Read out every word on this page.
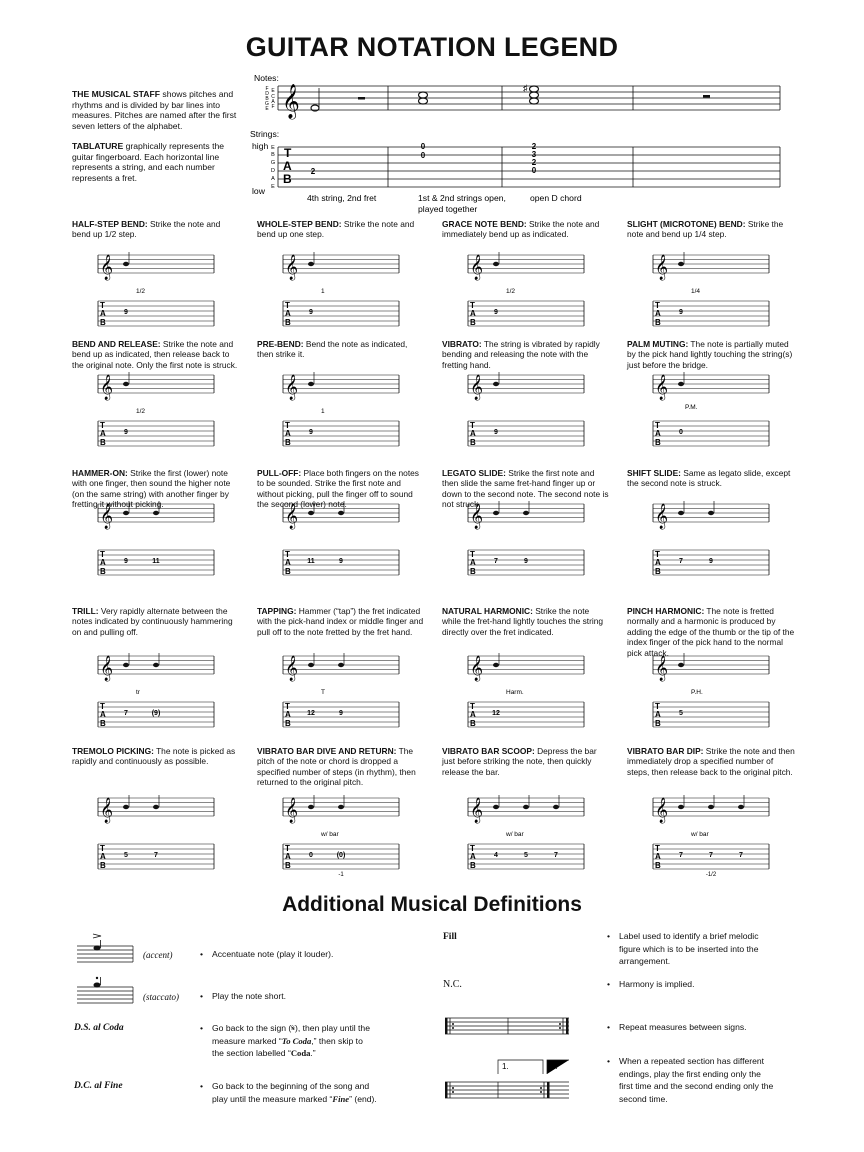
GUITAR NOTATION LEGEND
THE MUSICAL STAFF shows pitches and rhythms and is divided by bar lines into measures. Pitches are named after the first seven letters of the alphabet.
TABLATURE graphically represents the guitar fingerboard. Each horizontal line represents a string, and each number represents a fret.
Notes:
F E
D C
B A
G F
E 𝄞	♯
Strings:
high
low
E
B
G
D
A
E
T A B
2
0
0
2
3
2
0
4th string, 2nd fret	1st & 2nd strings open,
played together
open D chord
HALF-STEP BEND: Strike the note and bend up 1/2 step.
𝄞
T A B
9
1/2
WHOLE-STEP BEND: Strike the note and bend up one step.
𝄞
T A B
9
1
GRACE NOTE BEND: Strike the note and immediately bend up as indicated.
𝄞
T A B
9
1/2
SLIGHT (MICROTONE) BEND: Strike the note and bend up 1/4 step.
𝄞
T A B
9
1/4
BEND AND RELEASE: Strike the note and bend up as indicated, then release back to the original note. Only the first note is struck.
𝄞
T A B
9
1/2
PRE-BEND: Bend the note as indicated, then strike it.
𝄞
T A B
9
1
VIBRATO: The string is vibrated by rapidly bending and releasing the note with the fretting hand.
𝄞
T A B
9
PALM MUTING: The note is partially muted by the pick hand lightly touching the string(s) just before the bridge.
𝄞
T A B
0
P.M.
HAMMER-ON: Strike the first (lower) note with one finger, then sound the higher note (on the same string) with another finger by fretting it without picking.
𝄞
T A B
9	11
PULL-OFF: Place both fingers on the notes to be sounded. Strike the first note and without picking, pull the finger off to sound the second (lower) note.
𝄞
T A B
11	9
LEGATO SLIDE: Strike the first note and then slide the same fret-hand finger up or down to the second note. The second note is not struck.
𝄞
T A B
7	9
SHIFT SLIDE: Same as legato slide, except the second note is struck.
𝄞
T A B
7	9
TRILL: Very rapidly alternate between the notes indicated by continuously hammering on and pulling off.
𝄞
T A B
7	(9)
tr
TAPPING: Hammer (“tap”) the fret indicated with the pick-hand index or middle finger and pull off to the note fretted by the fret hand.
𝄞
T A B
12	9
T
NATURAL HARMONIC: Strike the note while the fret-hand lightly touches the string directly over the fret indicated.
𝄞
T A B
12
Harm.
PINCH HARMONIC: The note is fretted normally and a harmonic is produced by adding the edge of the thumb or the tip of the index finger of the pick hand to the normal pick attack.
𝄞
T A B
5
P.H.
TREMOLO PICKING: The note is picked as rapidly and continuously as possible.
𝄞
T A B
5	7
VIBRATO BAR DIVE AND RETURN: The pitch of the note or chord is dropped a specified number of steps (in rhythm), then returned to the original pitch.
𝄞
T A B
0	(0)
w/ bar
-1
VIBRATO BAR SCOOP: Depress the bar just before striking the note, then quickly release the bar.
𝄞
T A B
4	5	7
w/ bar
VIBRATO BAR DIP: Strike the note and then immediately drop a specified number of steps, then release back to the original pitch.
𝄞
T A B
7	7	7
w/ bar
-1/2
Additional Musical Definitions
(accent)	• Accentuate note (play it louder).
(staccato)	• Play the note short.
D.S. al Coda	• Go back to the sign (𝄋), then play until the
measure marked “To Coda,” then skip to
the section labelled “Coda.”
D.C. al Fine	• Go back to the beginning of the song and
play until the measure marked “Fine” (end).
Fill	• Label used to identify a brief melodic
figure which is to be inserted into the
arrangement.
N.C.	• Harmony is implied.
• Repeat measures between signs.
1.	2.
• When a repeated section has different
endings, play the first ending only the
first time and the second ending only the
second time.
